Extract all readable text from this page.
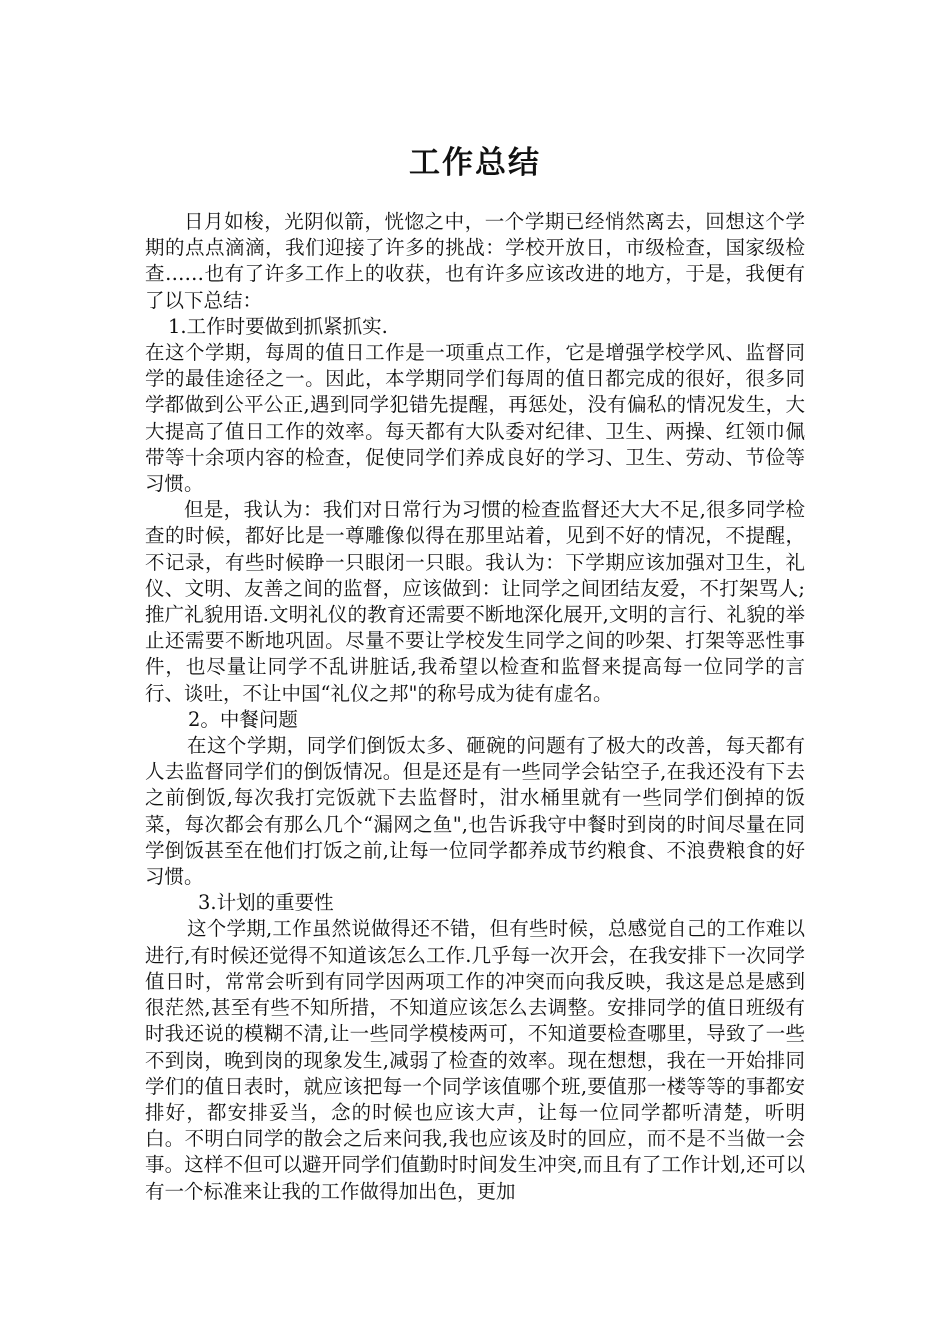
工作总结

日月如梭，光阴似箭，恍惚之中，一个学期已经悄然离去，回想这个学期的点点滴滴，我们迎接了许多的挑战：学校开放日，市级检查，国家级检查……也有了许多工作上的收获，也有许多应该改进的地方，于是，我便有了以下总结：

1.工作时要做到抓紧抓实.

在这个学期，每周的值日工作是一项重点工作，它是增强学校学风、监督同学的最佳途径之一。因此，本学期同学们每周的值日都完成的很好，很多同学都做到公平公正,遇到同学犯错先提醒，再惩处，没有偏私的情况发生，大大提高了值日工作的效率。每天都有大队委对纪律、卫生、两操、红领巾佩带等十余项内容的检查，促使同学们养成良好的学习、卫生、劳动、节俭等习惯。

但是，我认为：我们对日常行为习惯的检查监督还大大不足,很多同学检查的时候，都好比是一尊雕像似得在那里站着，见到不好的情况，不提醒，不记录，有些时候睁一只眼闭一只眼。我认为：下学期应该加强对卫生，礼仪、文明、友善之间的监督，应该做到：让同学之间团结友爱，不打架骂人;推广礼貌用语.文明礼仪的教育还需要不断地深化展开,文明的言行、礼貌的举止还需要不断地巩固。尽量不要让学校发生同学之间的吵架、打架等恶性事件，也尽量让同学不乱讲脏话,我希望以检查和监督来提高每一位同学的言行、谈吐，不让中国“礼仪之邦"的称号成为徒有虚名。

2。中餐问题

在这个学期，同学们倒饭太多、砸碗的问题有了极大的改善，每天都有人去监督同学们的倒饭情况。但是还是有一些同学会钻空子,在我还没有下去之前倒饭,每次我打完饭就下去监督时，泔水桶里就有一些同学们倒掉的饭菜，每次都会有那么几个“漏网之鱼",也告诉我守中餐时到岗的时间尽量在同学倒饭甚至在他们打饭之前,让每一位同学都养成节约粮食、不浪费粮食的好习惯。

3.计划的重要性

这个学期,工作虽然说做得还不错，但有些时候，总感觉自己的工作难以进行,有时候还觉得不知道该怎么工作.几乎每一次开会，在我安排下一次同学值日时，常常会听到有同学因两项工作的冲突而向我反映，我这是总是感到很茫然,甚至有些不知所措，不知道应该怎么去调整。安排同学的值日班级有时我还说的模糊不清,让一些同学模棱两可，不知道要检查哪里，导致了一些不到岗，晚到岗的现象发生,减弱了检查的效率。现在想想，我在一开始排同学们的值日表时，就应该把每一个同学该值哪个班,要值那一楼等等的事都安排好，都安排妥当，念的时候也应该大声，让每一位同学都听清楚，听明白。不明白同学的散会之后来问我,我也应该及时的回应，而不是不当做一会事。这样不但可以避开同学们值勤时时间发生冲突,而且有了工作计划,还可以有一个标准来让我的工作做得加出色，更加
